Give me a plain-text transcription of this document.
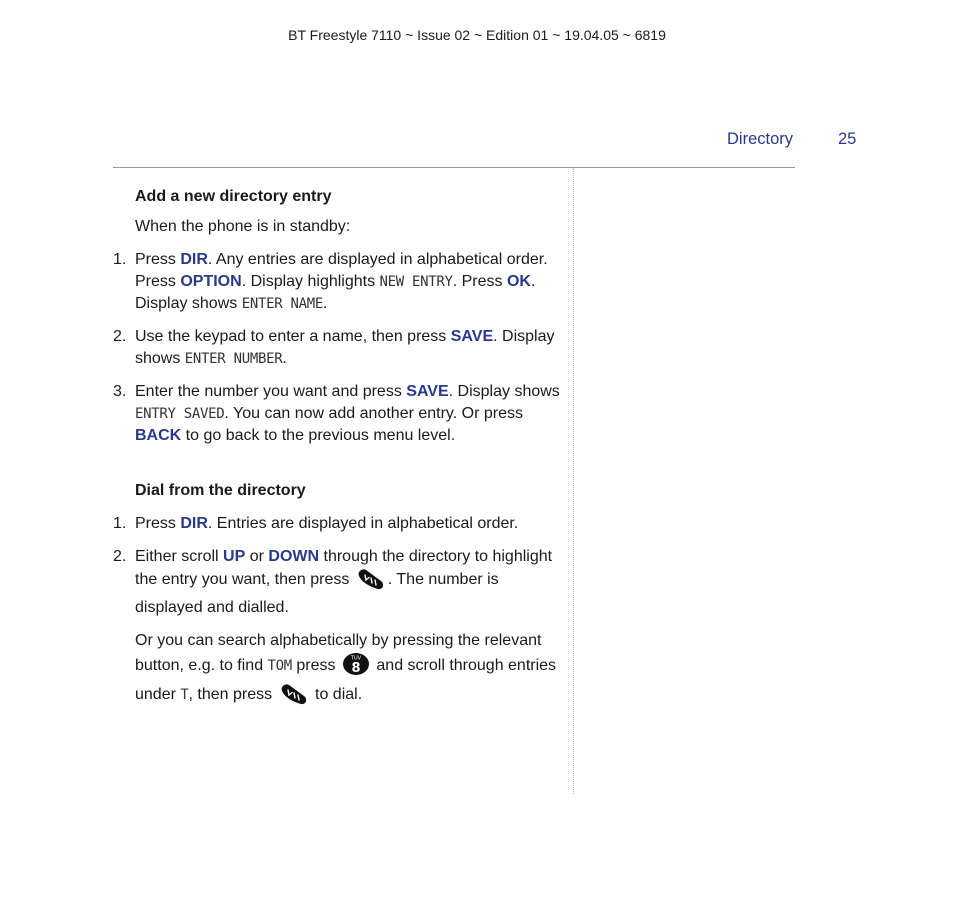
BT Freestyle 7110 ~ Issue 02 ~ Edition 01 ~ 19.04.05 ~ 6819
Directory	25
Add a new directory entry
When the phone is in standby:
1. Press DIR. Any entries are displayed in alphabetical order. Press OPTION. Display highlights NEW ENTRY. Press OK. Display shows ENTER NAME.
2. Use the keypad to enter a name, then press SAVE. Display shows ENTER NUMBER.
3. Enter the number you want and press SAVE. Display shows ENTRY SAVED. You can now add another entry. Or press BACK to go back to the previous menu level.
Dial from the directory
1. Press DIR. Entries are displayed in alphabetical order.
2. Either scroll UP or DOWN through the directory to highlight the entry you want, then press . The number is displayed and dialled.
Or you can search alphabetically by pressing the relevant button, e.g. to find TOM press TUV
8 and scroll through entries under T, then press  to dial.
